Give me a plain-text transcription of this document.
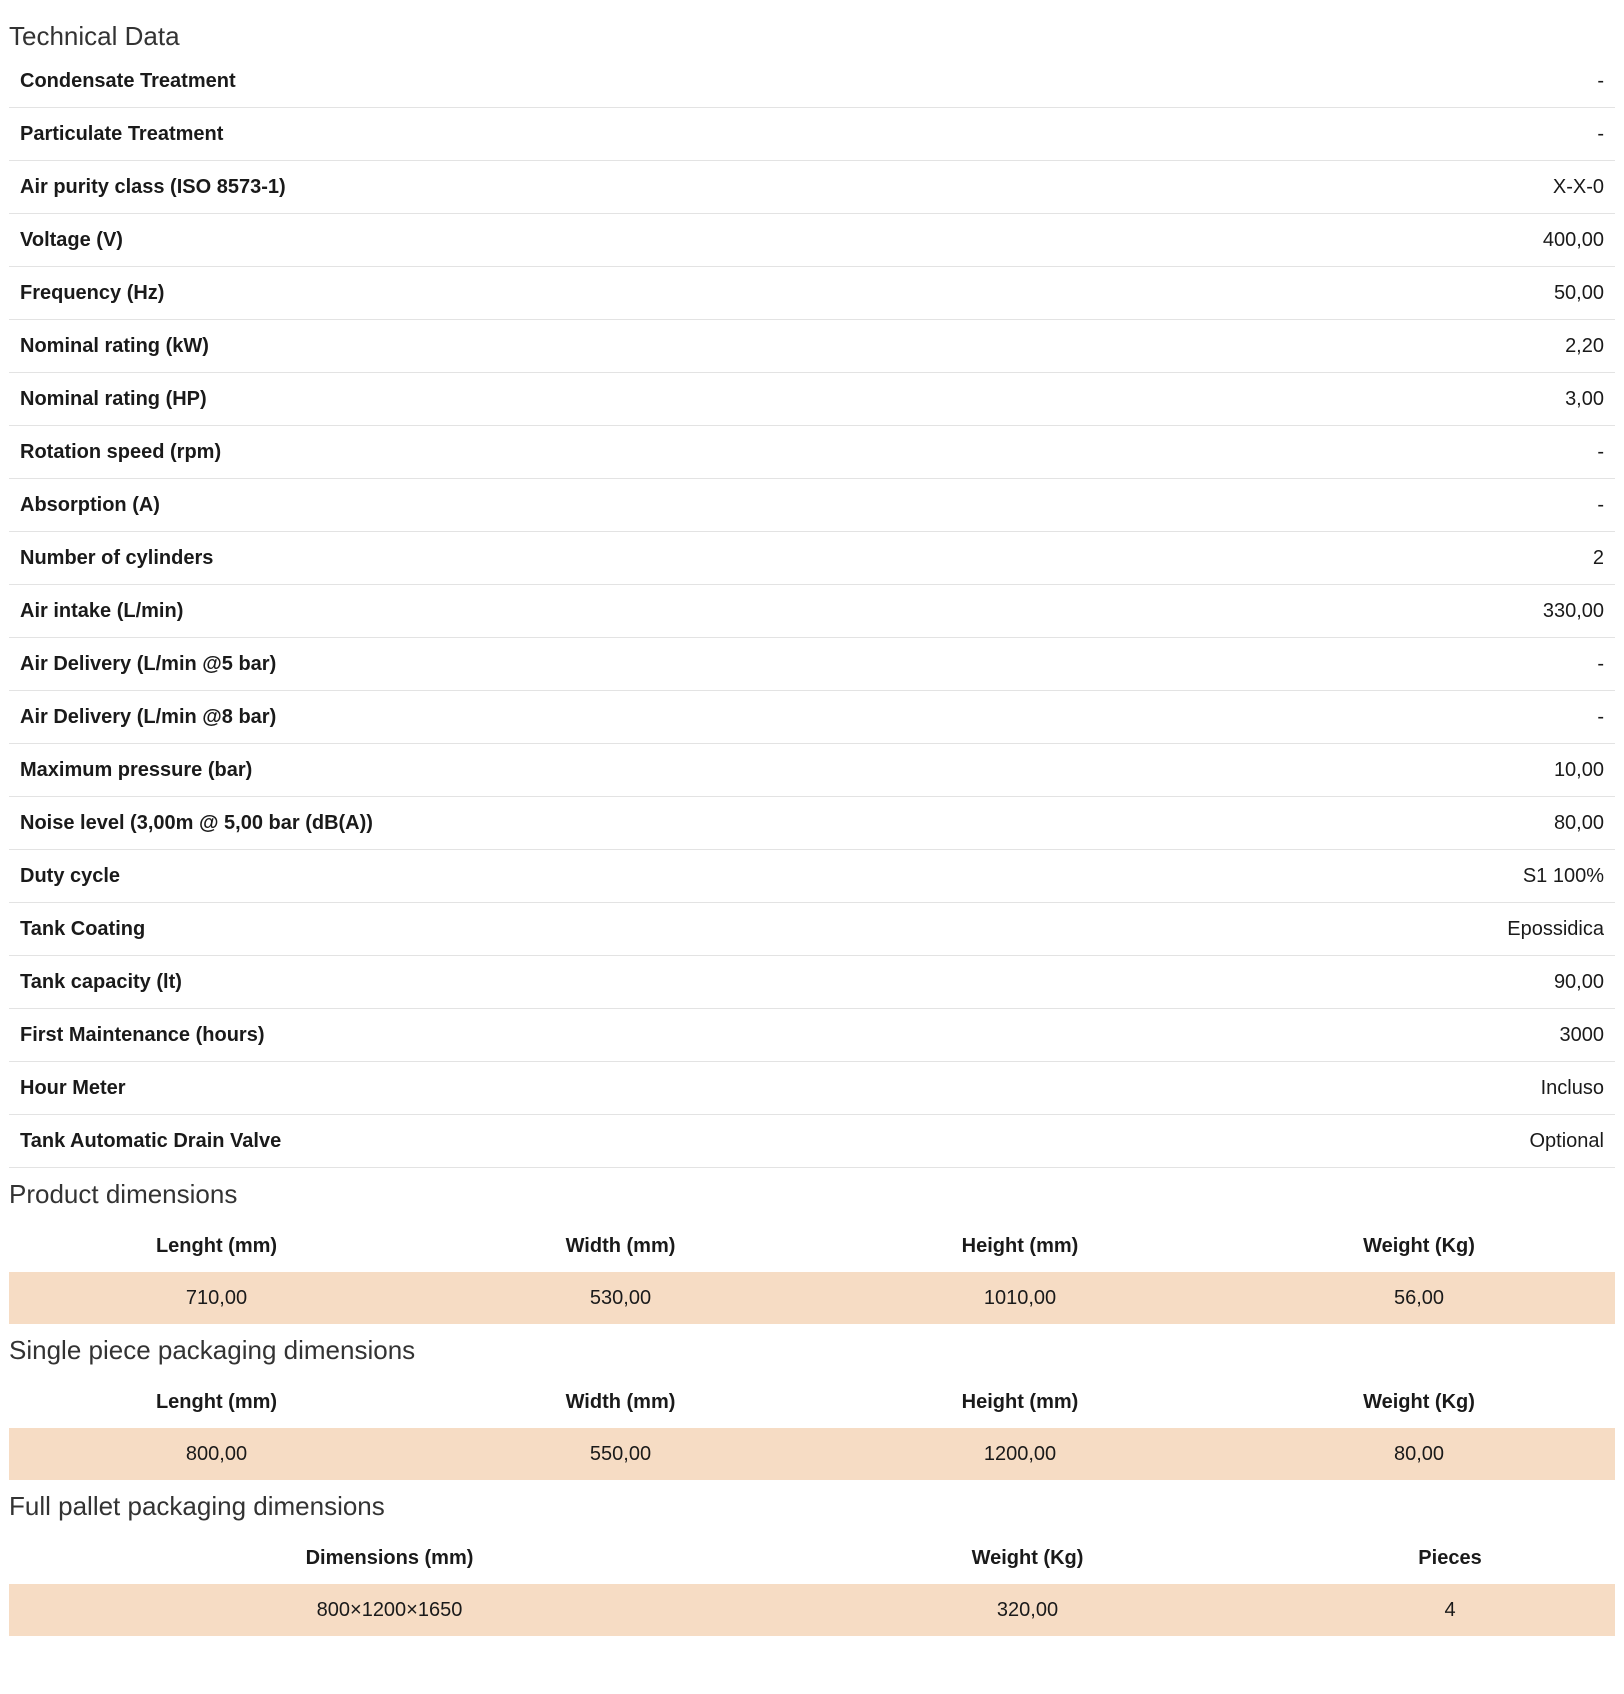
Technical Data
Condensate Treatment	-
Particulate Treatment	-
Air purity class (ISO 8573-1)	X-X-0
Voltage (V)	400,00
Frequency (Hz)	50,00
Nominal rating (kW)	2,20
Nominal rating (HP)	3,00
Rotation speed (rpm)	-
Absorption (A)	-
Number of cylinders	2
Air intake (L/min)	330,00
Air Delivery (L/min @5 bar)	-
Air Delivery (L/min @8 bar)	-
Maximum pressure (bar)	10,00
Noise level (3,00m @ 5,00 bar (dB(A))	80,00
Duty cycle	S1 100%
Tank Coating	Epossidica
Tank capacity (lt)	90,00
First Maintenance (hours)	3000
Hour Meter	Incluso
Tank Automatic Drain Valve	Optional
Product dimensions
Lenght (mm)	Width (mm)	Height (mm)	Weight (Kg)
710,00	530,00	1010,00	56,00
Single piece packaging dimensions
Lenght (mm)	Width (mm)	Height (mm)	Weight (Kg)
800,00	550,00	1200,00	80,00
Full pallet packaging dimensions
Dimensions (mm)	Weight (Kg)	Pieces
800×1200×1650	320,00	4
